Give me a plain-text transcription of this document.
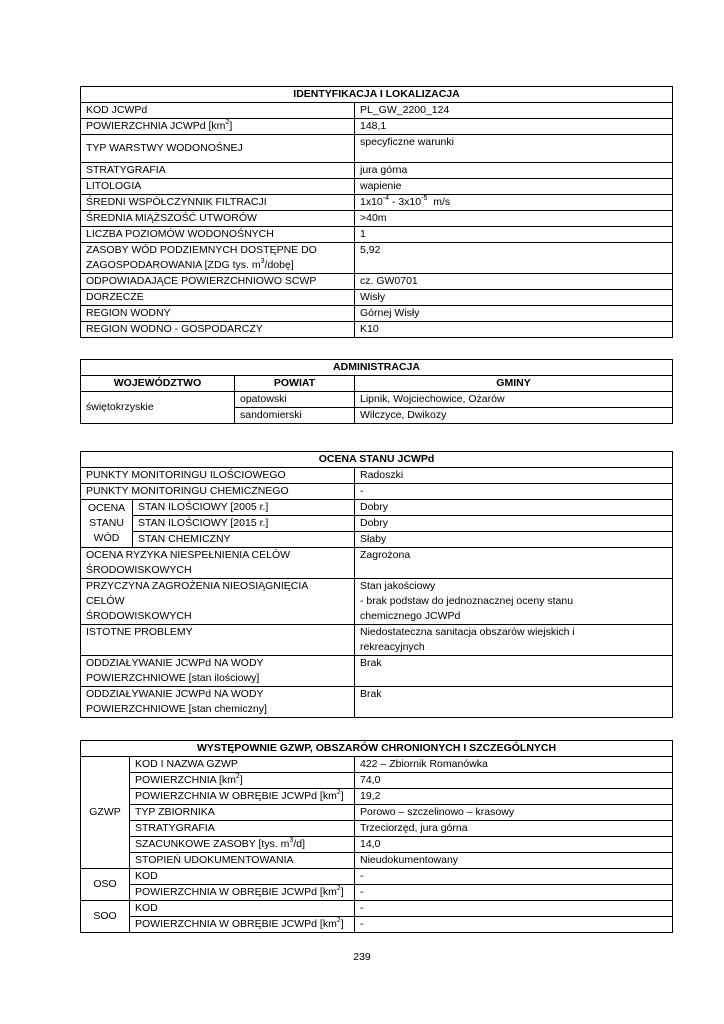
IDENTYFIKACJA I LOKALIZACJA	
KOD JCWPd	PL_GW_2200_124
POWIERZCHNIA JCWPd $[km^2]$	148,1
TYP WARSTWY WODONOŚNEJ	specyficzne warunki
STRATYGRAFIA	jura górna
LITOLOGIA	wapienie
ŚREDNI WSPÓŁCZYNNIK FILTRACJI	$1x10^{-4} - 3x10^{-5}$  m/s
ŚREDNIA MIĄŻSZOŚĆ UTWORÓW	>40m
LICZBA POZIOMÓW WODONOŚNYCH	1

ZASOBY WÓD PODZIEMNYCH DOSTĘPNE DO
ZAGOSPODAROWANIA [ZDG tys. $m^3/dobę$]	5,92
ODPOWIADAJĄCE POWIERZCHNIOWO SCWP	cz. GW0701
DORZECZE	Wisły
REGION WODNY	Górnej Wisły
REGION WODNO - GOSPODARCZY	K10
ADMINISTRACJA		
WOJEWÓDZTWO	POWIAT	GMINY
świętokrzyskie	opatowski	Lipnik, Wojciechowice, Ożarów
	sandomierski	Wilczyce, Dwikozy
OCENA STANU JCWPd		
PUNKTY MONITORINGU ILOŚCIOWEGO		Radoszki
PUNKTY MONITORINGU CHEMICZNEGO		-

OCENA
STANU
WÓD	STAN ILOŚCIOWY [2005 r.]	Dobry
	STAN ILOŚCIOWY [2015 r.]	Dobry
	STAN CHEMICZNY	Słaby

OCENA RYZYKA NIESPEŁNIENIA CELÓW
ŚRODOWISKOWYCH		Zagrożona

PRZYCZYNA ZAGROŻENIA NIEOSIĄGNIĘCIA CELÓW
ŚRODOWISKOWYCH		Stan jakościowy
- brak podstaw do jednoznacznej oceny stanu
chemicznego JCWPd

ISTOTNE PROBLEMY		Niedostateczna sanitacja obszarów wiejskich i
rekreacyjnych

ODDZIAŁYWANIE JCWPd NA WODY
POWIERZCHNIOWE [stan ilościowy]		Brak

ODDZIAŁYWANIE JCWPd NA WODY
POWIERZCHNIOWE [stan chemiczny]		Brak
WYSTĘPOWNIE GZWP, OBSZARÓW CHRONIONYCH I SZCZEGÓLNYCH		
GZWP	KOD I NAZWA GZWP	422 – Zbiornik Romanówka
	POWIERZCHNIA $[km^2]$	74,0
	POWIERZCHNIA W OBRĘBIE JCWPd $[km^2]$	19,2
	TYP ZBIORNIKA	Porowo – szczelinowo – krasowy
	STRATYGRAFIA	Trzeciorzęd, jura górna
	SZACUNKOWE ZASOBY [tys. $m^3/d$]	14,0
	STOPIEŃ UDOKUMENTOWANIA	Nieudokumentowany
OSO	KOD	-
	POWIERZCHNIA W OBRĘBIE JCWPd $[km^2]$	-
SOO	KOD	-
	POWIERZCHNIA W OBRĘBIE JCWPd $[km^2]$	-
239
